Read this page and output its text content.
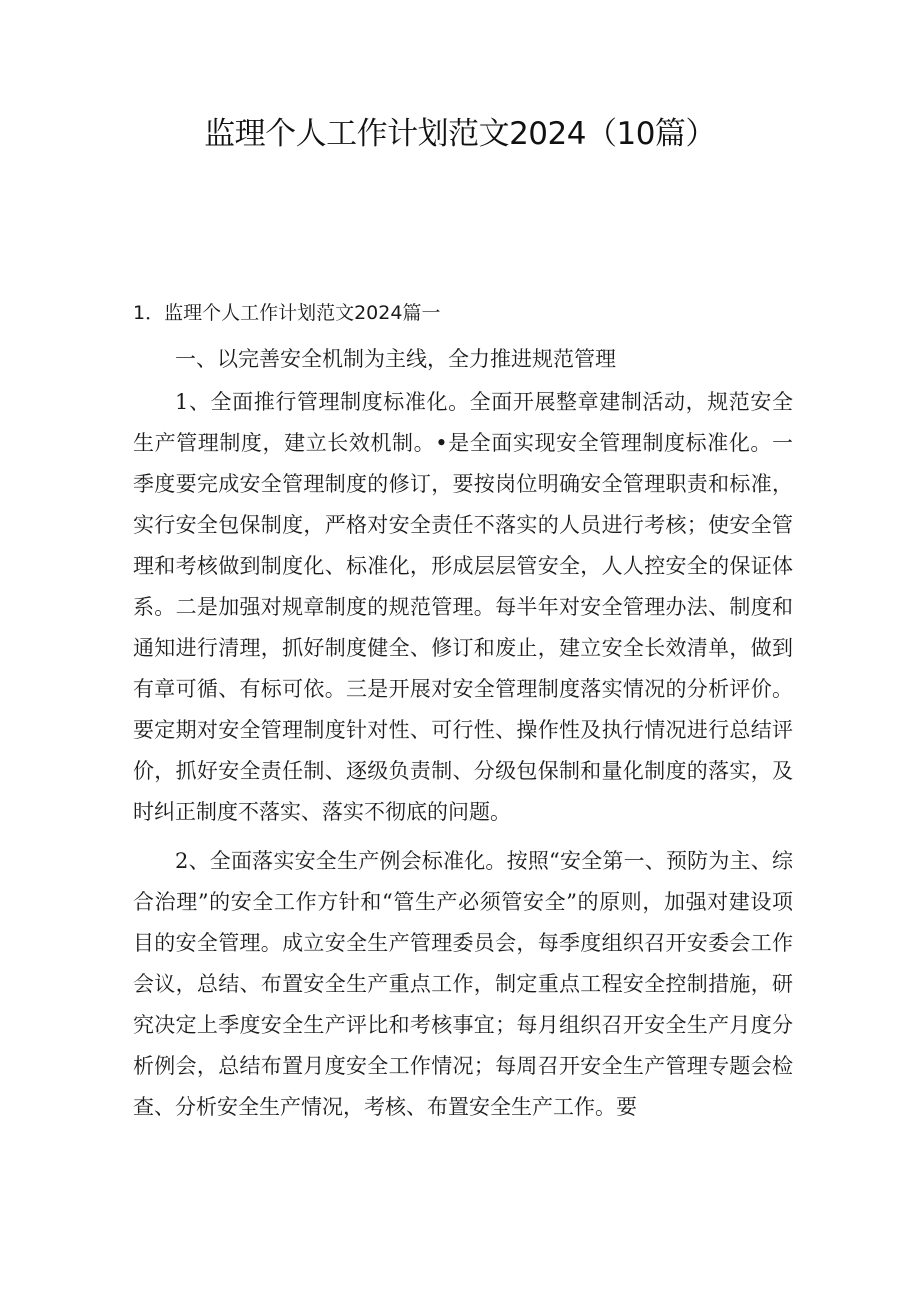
监理个人工作计划范文2024（10篇）
1．监理个人工作计划范文2024篇一

一、以完善安全机制为主线，全力推进规范管理

1、全面推行管理制度标准化。全面开展整章建制活动，规范安全生产管理制度，建立长效机制。•是全面实现安全管理制度标准化。一季度要完成安全管理制度的修订，要按岗位明确安全管理职责和标准，实行安全包保制度，严格对安全责任不落实的人员进行考核；使安全管理和考核做到制度化、标准化，形成层层管安全，人人控安全的保证体系。二是加强对规章制度的规范管理。每半年对安全管理办法、制度和通知进行清理，抓好制度健全、修订和废止，建立安全长效清单，做到有章可循、有标可依。三是开展对安全管理制度落实情况的分析评价。要定期对安全管理制度针对性、可行性、操作性及执行情况进行总结评价，抓好安全责任制、逐级负责制、分级包保制和量化制度的落实，及时纠正制度不落实、落实不彻底的问题。

2、全面落实安全生产例会标准化。按照“安全第一、预防为主、综合治理”的安全工作方针和“管生产必须管安全”的原则，加强对建设项目的安全管理。成立安全生产管理委员会，每季度组织召开安委会工作会议，总结、布置安全生产重点工作，制定重点工程安全控制措施，研究决定上季度安全生产评比和考核事宜；每月组织召开安全生产月度分析例会，总结布置月度安全工作情况；每周召开安全生产管理专题会检查、分析安全生产情况，考核、布置安全生产工作。要
